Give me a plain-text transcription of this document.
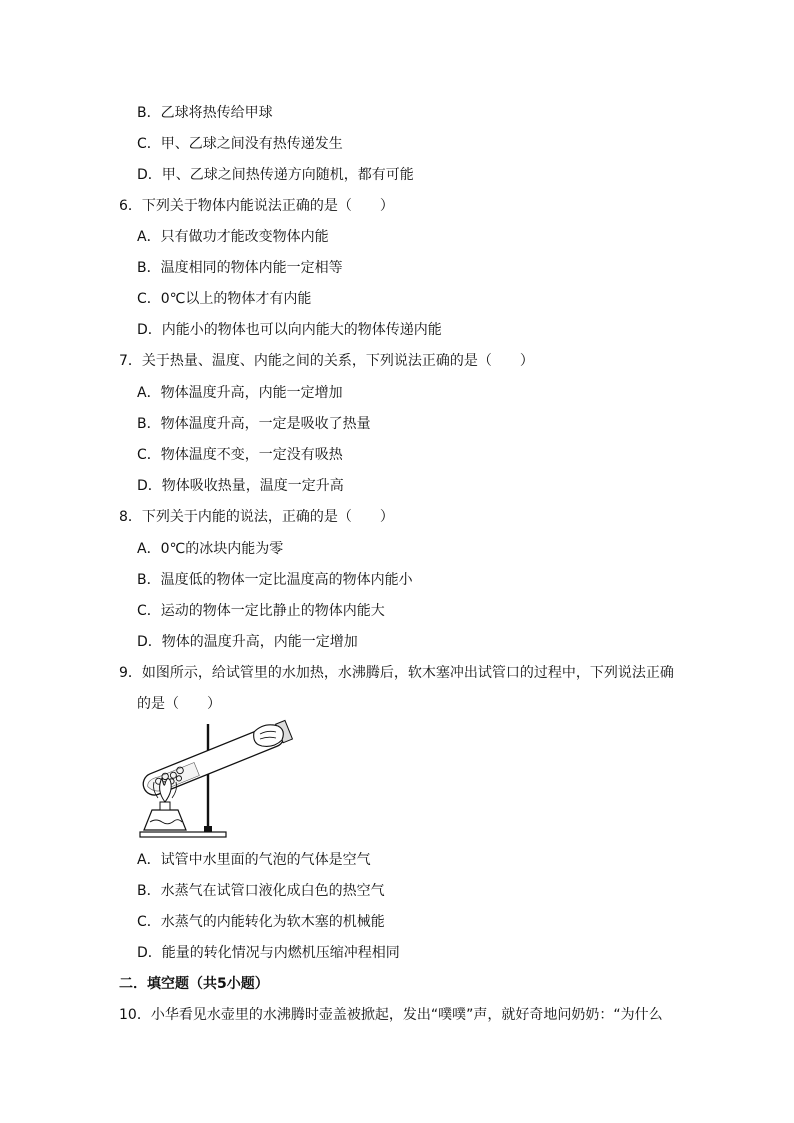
B．乙球将热传给甲球
C．甲、乙球之间没有热传递发生
D．甲、乙球之间热传递方向随机，都有可能
6．下列关于物体内能说法正确的是（　　）
A．只有做功才能改变物体内能
B．温度相同的物体内能一定相等
C．0℃以上的物体才有内能
D．内能小的物体也可以向内能大的物体传递内能
7．关于热量、温度、内能之间的关系，下列说法正确的是（　　）
A．物体温度升高，内能一定增加
B．物体温度升高，一定是吸收了热量
C．物体温度不变，一定没有吸热
D．物体吸收热量，温度一定升高
8．下列关于内能的说法，正确的是（　　）
A．0℃的冰块内能为零
B．温度低的物体一定比温度高的物体内能小
C．运动的物体一定比静止的物体内能大
D．物体的温度升高，内能一定增加
9．如图所示，给试管里的水加热，水沸腾后，软木塞冲出试管口的过程中，下列说法正确
的是（　　）
A．试管中水里面的气泡的气体是空气
B．水蒸气在试管口液化成白色的热空气
C．水蒸气的内能转化为软木塞的机械能
D．能量的转化情况与内燃机压缩冲程相同
二．填空题（共5小题）
10．小华看见水壶里的水沸腾时壶盖被掀起，发出“噗噗”声，就好奇地问奶奶：“为什么
